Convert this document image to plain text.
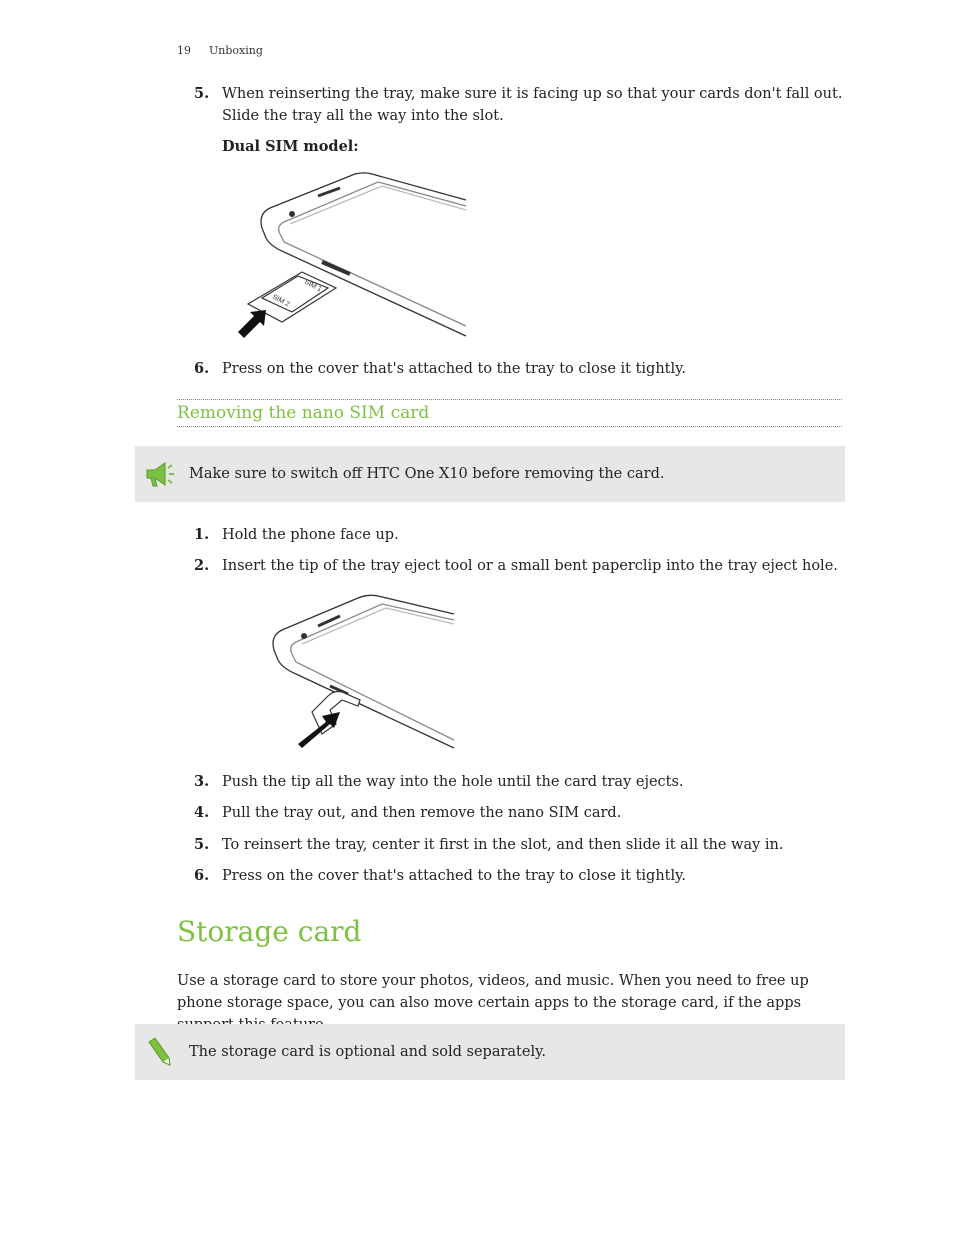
19 Unboxing
5. When reinserting the tray, make sure it is facing up so that your cards don't fall out. Slide the tray all the way into the slot.
Dual SIM model:
SIM 1
SIM 2
6. Press on the cover that's attached to the tray to close it tightly.
Removing the nano SIM card
Make sure to switch off HTC One X10 before removing the card.
1. Hold the phone face up.
2. Insert the tip of the tray eject tool or a small bent paperclip into the tray eject hole.
3. Push the tip all the way into the hole until the card tray ejects.
4. Pull the tray out, and then remove the nano SIM card.
5. To reinsert the tray, center it first in the slot, and then slide it all the way in.
6. Press on the cover that's attached to the tray to close it tightly.
Storage card
Use a storage card to store your photos, videos, and music. When you need to free up phone storage space, you can also move certain apps to the storage card, if the apps
The storage card is optional and sold separately.
